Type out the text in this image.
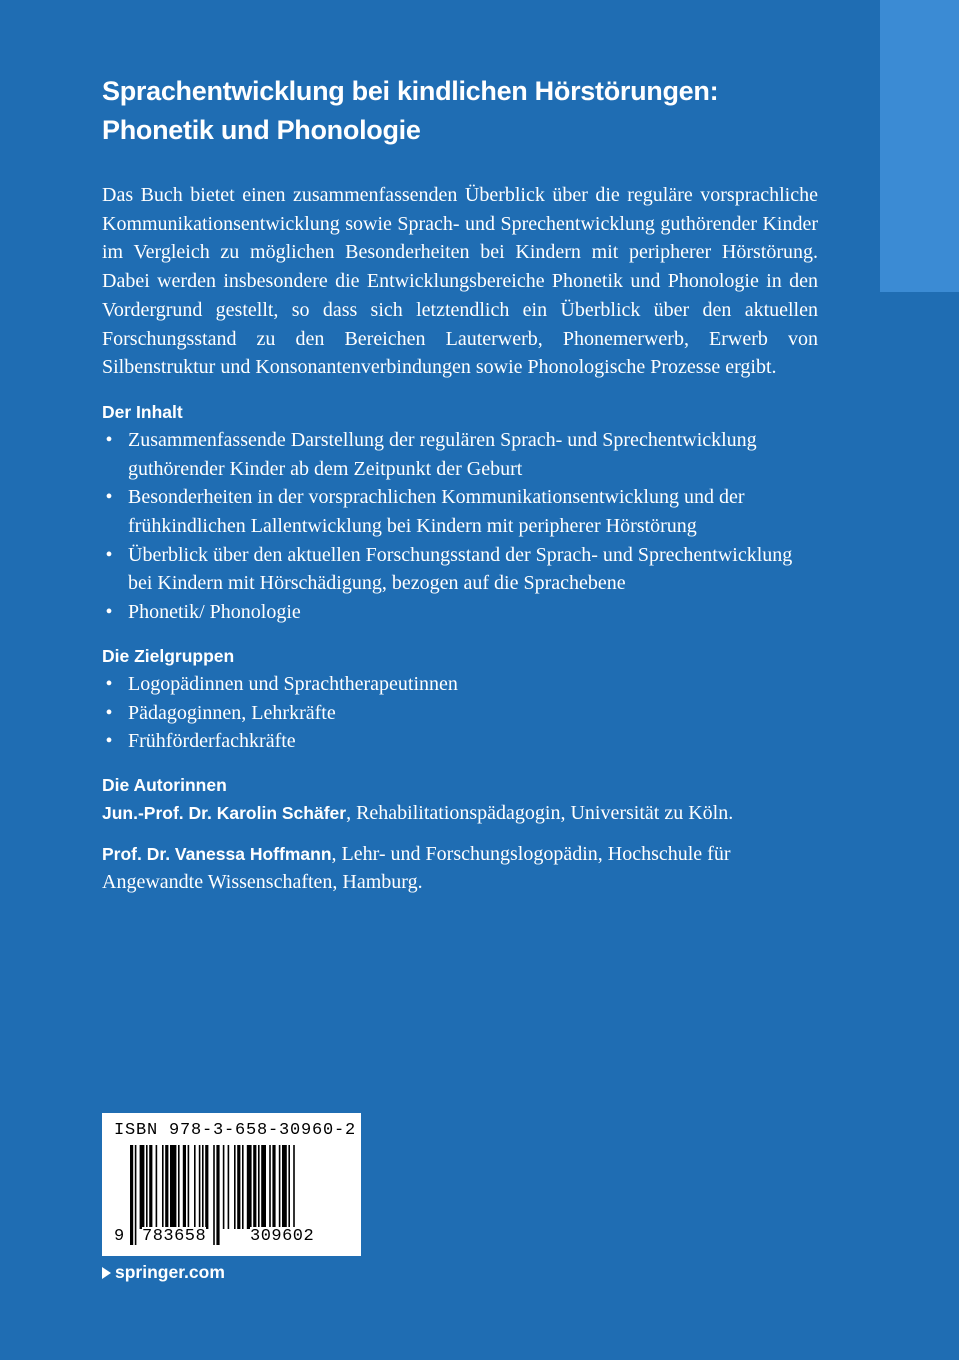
Sprachentwicklung bei kindlichen Hörstörungen: Phonetik und Phonologie

Das Buch bietet einen zusammenfassenden Überblick über die reguläre vorsprachliche Kommunikationsentwicklung sowie Sprach- und Sprechentwicklung guthörender Kinder im Vergleich zu möglichen Besonderheiten bei Kindern mit peripherer Hörstörung. Dabei werden insbesondere die Entwicklungsbereiche Phonetik und Phonologie in den Vordergrund gestellt, so dass sich letztendlich ein Überblick über den aktuellen Forschungsstand zu den Bereichen Lauterwerb, Phonemerwerb, Erwerb von Silbenstruktur und Konsonantenverbindungen sowie Phonologische Prozesse ergibt.

Der Inhalt
• Zusammenfassende Darstellung der regulären Sprach- und Sprechentwicklung guthörender Kinder ab dem Zeitpunkt der Geburt
• Besonderheiten in der vorsprachlichen Kommunikationsentwicklung und der frühkindlichen Lallentwicklung bei Kindern mit peripherer Hörstörung
• Überblick über den aktuellen Forschungsstand der Sprach- und Sprechentwicklung bei Kindern mit Hörschädigung, bezogen auf die Sprachebene
• Phonetik/ Phonologie
Die Zielgruppen
• Logopädinnen und Sprachtherapeutinnen
• Pädagoginnen, Lehrkräfte
• Frühförderfachkräfte
Die Autorinnen

Jun.-Prof. Dr. Karolin Schäfer, Rehabilitationspädagogin, Universität zu Köln.

Prof. Dr. Vanessa Hoffmann, Lehr- und Forschungslogopädin, Hochschule für Angewandte Wissenschaften, Hamburg.

ISBN 978-3-658-30960-2
9 783658	309602
springer.com
